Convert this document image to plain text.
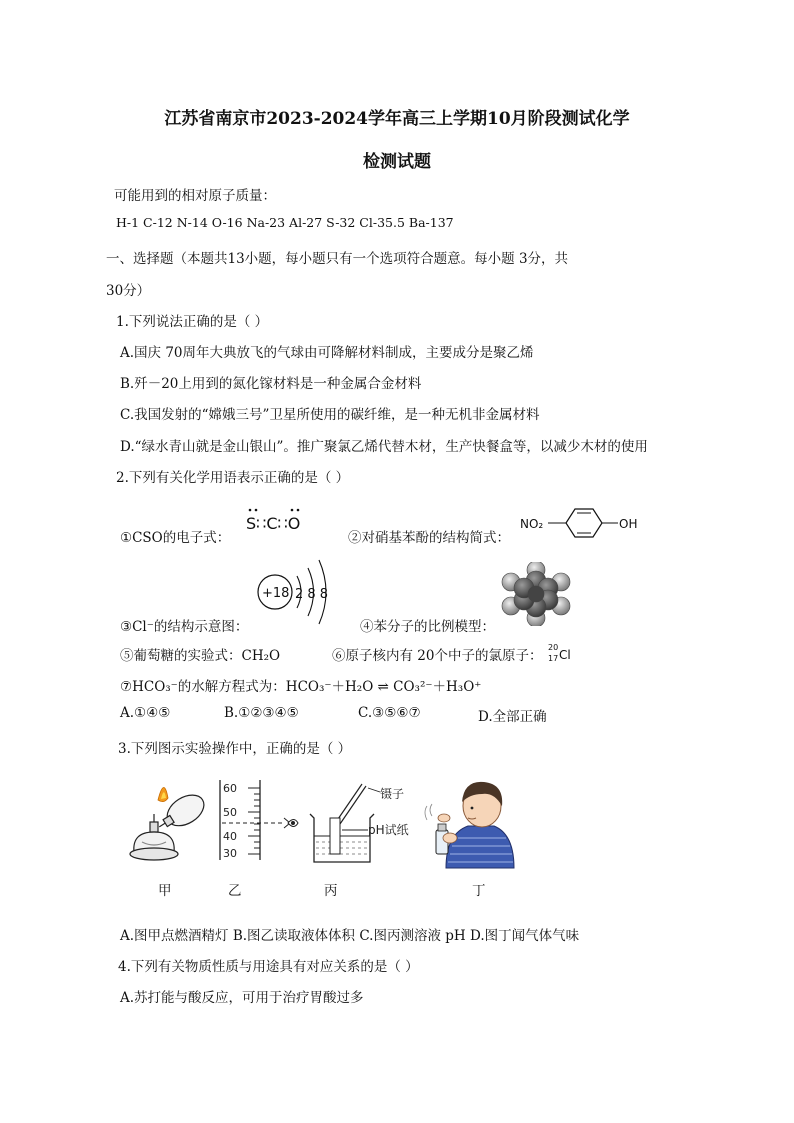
江苏省南京市2023-2024学年高三上学期10月阶段测试化学
检测试题
可能用到的相对原子质量：
H-1 C-12 N-14 O-16 Na-23 Al-27 S-32 Cl-35.5 Ba-137
一、选择题（本题共13小题，每小题只有一个选项符合题意。每小题 3分，共
30分）
1.下列说法正确的是（ ）
A.国庆 70周年大典放飞的气球由可降解材料制成，主要成分是聚乙烯
B.歼－20上用到的氮化镓材料是一种金属合金材料
C.我国发射的“嫦娥三号”卫星所使用的碳纤维，是一种无机非金属材料
D.“绿水青山就是金山银山”。推广聚氯乙烯代替木材，生产快餐盒等，以减少木材的使用
2.下列有关化学用语表示正确的是（ ）
①CSO的电子式：
S∷C∷O
②对硝基苯酚的结构简式：
NO₂	OH
③Cl⁻的结构示意图：
+18 2 8 8
④苯分子的比例模型：
⑤葡萄糖的实验式：CH₂O	⑥原子核内有 20个中子的氯原子：
20
17 Cl
⑦HCO₃⁻的水解方程式为：HCO₃⁻＋H₂O ⇌ CO₃²⁻＋H₃O⁺
A.①④⑤	B.①②③④⑤	C.③⑤⑥⑦	D.全部正确
3.下列图示实验操作中，正确的是（ ）
60
50
40
30
镊子
pH试纸
甲	乙	丙	丁
A.图甲点燃酒精灯 B.图乙读取液体体积 C.图丙测溶液 pH D.图丁闻气体气味
4.下列有关物质性质与用途具有对应关系的是（ ）
A.苏打能与酸反应，可用于治疗胃酸过多
